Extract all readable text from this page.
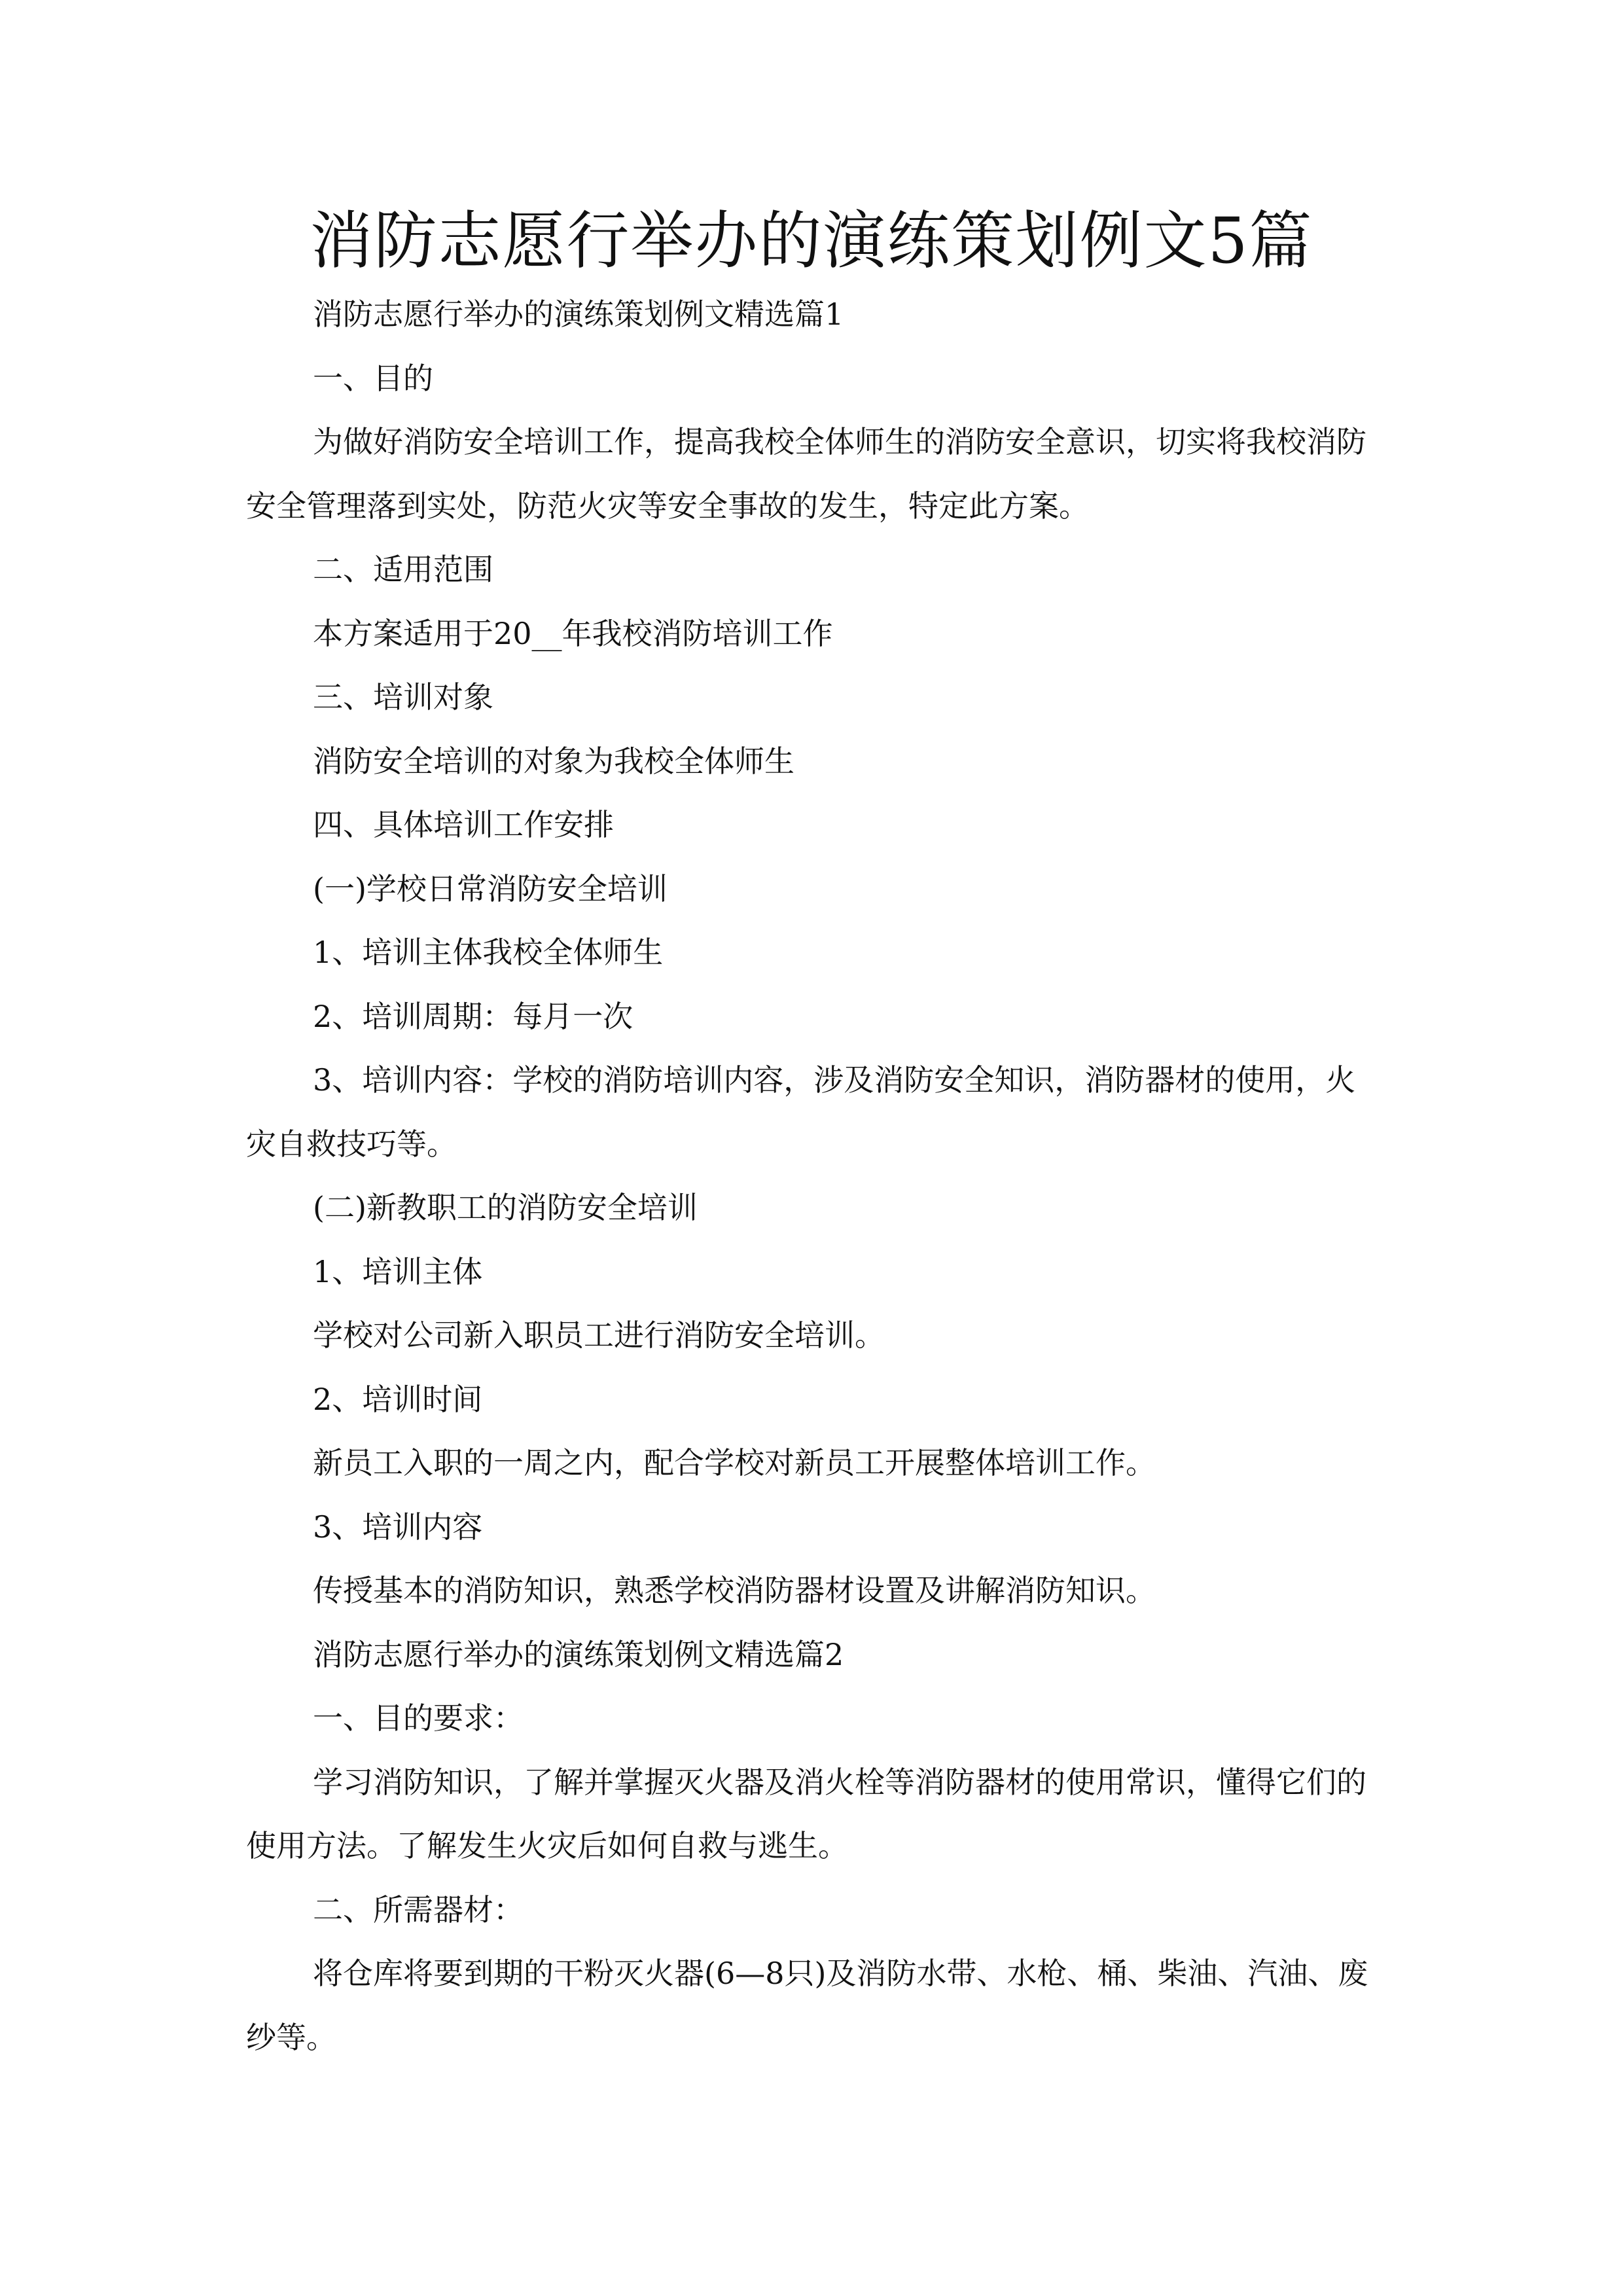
消防志愿行举办的演练策划例文5篇

消防志愿行举办的演练策划例文精选篇1

一、目的

为做好消防安全培训工作，提高我校全体师生的消防安全意识，切实将我校消防安全管理落到实处，防范火灾等安全事故的发生，特定此方案。

二、适用范围

本方案适用于20__年我校消防培训工作

三、培训对象

消防安全培训的对象为我校全体师生

四、具体培训工作安排

(一)学校日常消防安全培训

1、培训主体我校全体师生

2、培训周期：每月一次

3、培训内容：学校的消防培训内容，涉及消防安全知识，消防器材的使用，火灾自救技巧等。

(二)新教职工的消防安全培训

1、培训主体

学校对公司新入职员工进行消防安全培训。

2、培训时间

新员工入职的一周之内，配合学校对新员工开展整体培训工作。

3、培训内容

传授基本的消防知识，熟悉学校消防器材设置及讲解消防知识。

消防志愿行举办的演练策划例文精选篇2

一、目的要求：

学习消防知识，了解并掌握灭火器及消火栓等消防器材的使用常识，懂得它们的使用方法。了解发生火灾后如何自救与逃生。

二、所需器材：

将仓库将要到期的干粉灭火器(6—8只)及消防水带、水枪、桶、柴油、汽油、废纱等。
